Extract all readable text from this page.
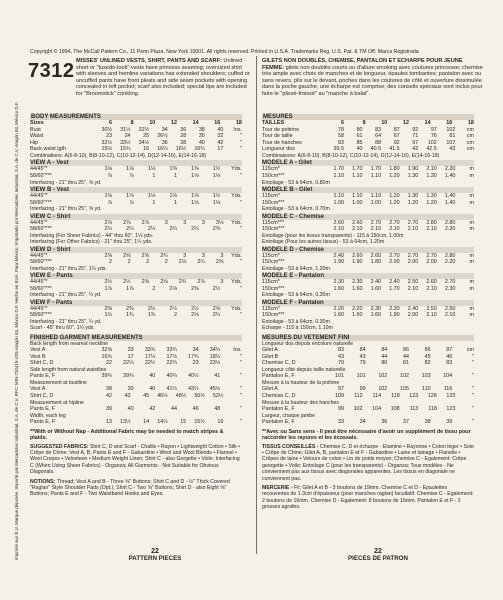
Imprimé aux É.U. Marque déposée. Importé par Mercadotec Industrial, S.A. de C.V. RFC: MIN-720419-U25 Aragón 63, México D.F. Hecho en EUA. Para México: Importado por Mercadotec Industrial, S.A. de C.V. Aragón 63, México D.F.
Copyright © 1994, The McCall Pattern Co., 11 Penn Plaza, New York 10001. All rights reserved. Printed in U.S.A. Trademarks Reg. U.S. Pat. & TM Off. Marca Registrada
7312 MISSES' UNLINED VESTS, SHIRT, PANTS AND SCARF: Unlined short or "tuxedo-look" vests have princess seaming; oversized shirt with sleeves and hemline variations has extended shoulders; cuffed or uncuffed pants have front pleats and side seam pockets with opening concealed in left pocket; scarf also included; special tips are included for "Broomstick" crinkling.
GILETS NON DOUBLÉS, CHEMISE, PANTALON ET ECHARPE POUR JEUNE FEMME: gilets non doublés courts ou d'allure smoking avec coutures princesse; chemise très ample avec choix de manches et de longueur, épaules tombantes; pantalon avec ou sans revers, plis sur le devant, poches dans les coutures de côté et ouverture dissimulée dans la poche gauche; une écharpe est comprise; des conseils spéciaux sont inclus pour faire le "plissé-froissé" au "manche à balai".
BODY MEASUREMENTS
Sizes	6	8	10	12	14	16	18
Bust	30½	31½	32½	34	36	38	40	Ins.
Waist	23	24	25	26½	28	30	32	"
Hip	32½	33½	34½	36	38	40	42	"
Back waist lgth	15½	15¾	16	16¼	16½	16¾	17	"
Combinations: A(6-8-10), B(8-10-12), C(10-12-14), D(12-14-16), E(14-16-18)
VIEW A - Vest
44/45"*	1⅛	1⅛	1⅛	1⅜	1⅜	1½	Yds.
58/60"***	⅞	⅞	1	1	1⅛	1⅛	"
Interfacing - 21" thru 25", ⅝ yd.
VIEW B - Vest
44/45"*	1⅛	1⅛	1⅛	1⅛	1⅛	1½	Yds.
58/60"***	⅞	⅞	1	1	1⅛	1⅛	"
Interfacing - 21" thru 25", ⅝ yd.
VIEW C - Shirt
44/45"*	2⅞	2⅞	2⅞	3	3	3	3⅛	Yds.
58/60"***	2¼	2¼	2¼	2¼	2¼	2⅜	"
Interfacing (For Sheer Fabrics) - 44" thru 60", 1⅛ yds.
Interfacing (For Other Fabrics) - 21" thru 25", 1¼ yds.
VIEW D - Shirt
44/45"*	2⅝	2⅝	2⅝	2¾	3	3	3	Yds.
58/60"***	2	2	2	2	2⅛	2¼	2⅜	"
Interfacing - 21" thru 25", 1¼ yds.
VIEW E - Pants
44/45"*	2½	2½	2⅝	2⅝	2¾	2⅞	3	Yds.
58/60"***	1⅞	1⅞	2	2⅛	2⅜	2½	"
Interfacing - 21" thru 25", ¼ yd.
VIEW F - Pants
44/45"*	2⅜	2⅜	2½	2½	2½	2⅝	Yds.
58/60"***	1¾	1¾	1¾	2	2⅛	2¼	"
Interfacing - 21" thru 25", ¼ yd.
Scarf - 45" thru 60", 1¼ yds.
FINISHED GARMENT MEASUREMENTS
Back length from nearest neckline
Vest A	32⅝	33	33¾	33¾	34	34¼	Ins.
Vest B	16¾	17	17¼	17½	17¾	18¼	"
Shirt C, D	22	22¼	22½	22¾	23	23½	"
Side length from natural waistline
Pants E, F	39¾	39¾	40	40¼	40½	41	"
Measurement at bustline
Vest A	38	39	40	41½	43½	45½	"
Shirt C, D	42	43	45	46½	48½	50½	52½	"
Measurement at hipline
Pants E, F	39	40	42	44	46	48	"
Width, each leg
Pants E, F	13	13½	14	14½	15	15½	16	"
**With or Without Nap - Additional Fabric may be needed to match stripes & plaids.
SUGGESTED FABRICS: Shirt C, D and Scarf - Challis • Rayon • Lightweight Cotton • Silk • Crêpe de Chine; Vest A, B, Pants E and F - Gabardine • Wool and Wool Blends • Flannel • Wool Crepes • Velveteen • Medium Weight Linen; Shirt C - also Gorgette • Voile; Interfacing C (When Using Sheer Fabrics) - Organza; All Garments - Not Suitable for Obvious Diagonals.
NOTIONS: Thread; Vest A and B - Three ⅝" Buttons; Shirt C and D - ½" Thick Covered "Raglan" Style Shoulder Pads (Opt.); Shirt C - Two ⅝" Buttons; Shirt D - also Eight ⅝" Buttons; Pants E and F - Two Waistband Hooks and Eyes.
MESURES
TAILLES	6	8	10	12	14	16	18
Tour de poitrine	78	80	83	87	92	97	102	cm
Tour de taille	58	61	64	67	71	76	81	cm
Tour de hanches	83	85	88	92	97	102	107	cm
Longueur dos	39.5	40	40.5	41.5	42	42.5	43	cm
Combinaisons: A(6-8-10), B(8-10-12), C(10-12-14), D(12-14-16), E(14-16-18)
MODELE A - Gilet
115cm*	1.70	1.70	1.70	1.80	1.90	2.10	2.20	m
150cm***	1.10	1.10	1.10	1.20	1.30	1.30	1.40	m
Entoilage - 53 à 64cm, 0.80m
MODELE B - Gilet
115cm*	1.10	1.10	1.10	1.20	1.30	1.30	1.40	m
150cm***	1.00	1.00	1.00	1.20	1.20	1.20	1.40	m
Entoilage - 53 à 64cm, 0.70m
MODELE C - Chemise
115cm***	2.60	2.60	2.70	2.70	2.70	2.80	2.80	m
150cm***	2.10	2.10	2.10	2.10	2.10	2.10	2.20	m
Entoilage (pour les tissus transparents) - 115 à 150cm, 1.00m
Entoilage (Pour les autres tissus) - 53 à 64cm, 1.20m
MODELE D - Chemise
115cm*	2.40	2.60	2.60	2.70	2.70	2.70	2.80	m
150cm***	1.90	1.90	1.80	2.00	2.00	2.00	2.20	m
Entoilage - 53 à 64cm, 1.20m
MODELE E - Pantalon
115cm*	2.30	2.30	2.40	2.40	2.50	2.60	2.70	m
150cm***	1.60	1.60	1.60	1.70	2.10	2.10	2.30	m
Entoilage - 53 à 64cm, 0.30m
MODELE F - Pantalon
115cm*	2.20	2.20	2.30	2.30	2.40	2.50	2.50	m
150cm***	1.60	1.60	1.60	1.90	2.00	2.10	2.10	m
Entoilage - 53 à 64cm, 0.30m
Echarpe - 115 à 150cm, 1.10m
MESURES DU VETEMENT FINI
Longueur dos depuis encolure naturelle
Gilet A	83	84	84	86	86	87	cm
Gilet B	43	43	44	44	45	46	"
Chemise C, D	79	79	80	81	82	83	"
Longueur côté depuis taille naturelle
Pantalon E, F	101	101	102	102	103	104	"
Mesure à la hauteur de la poitrine
Gilet A	97	99	102	105	110	116	"
Chemise C, D	109	112	114	118	123	128	133	"
Mesure à la hauteur des hanches
Pantalon E, F	99	102	104	108	113	118	123	"
Largeur, chaque jambe
Pantalon E, F	33	34	36	37	38	39	"
**Avec ou Sans sens - Il peut être nécessaire d'avoir un supplément de tissu pour raccorder les rayures et les écossais.
TISSUS CONSEILLÉS - Chemise C, D et écharpe - Etamine • Rayonne • Coton léger • Soie • Crêpe de Chine; Gilet A, B, pantalon E et F - Gabardine • Laine et lainage • Flanelle • Crêpes de laine • Velours de coton • Lin de poids moyen; Chemise C - Egalement: Crêpe georgette • Voile; Entoilage C (pour les transparents) - Organza; Tous modèles - Ne conviennent pas aux tissus avec diagonales apparentes. Les tissus en diagonale ne conviennent pas.
MERCERIE - Fil; Gilet A et B - 3 boutons de 19mm. Chemise C et D - Epaulettes recouvertes de 1.3cm d'épaisseur (pour manches raglan) facultatif. Chemise C - Egalement: 2 boutons de 16mm. Chemise D - Egalement: 8 boutons de 16mm. Pantalon E et F - 2 grosses agrafes.
22
PATTERN PIECES
22
PIECES DE PATRON
